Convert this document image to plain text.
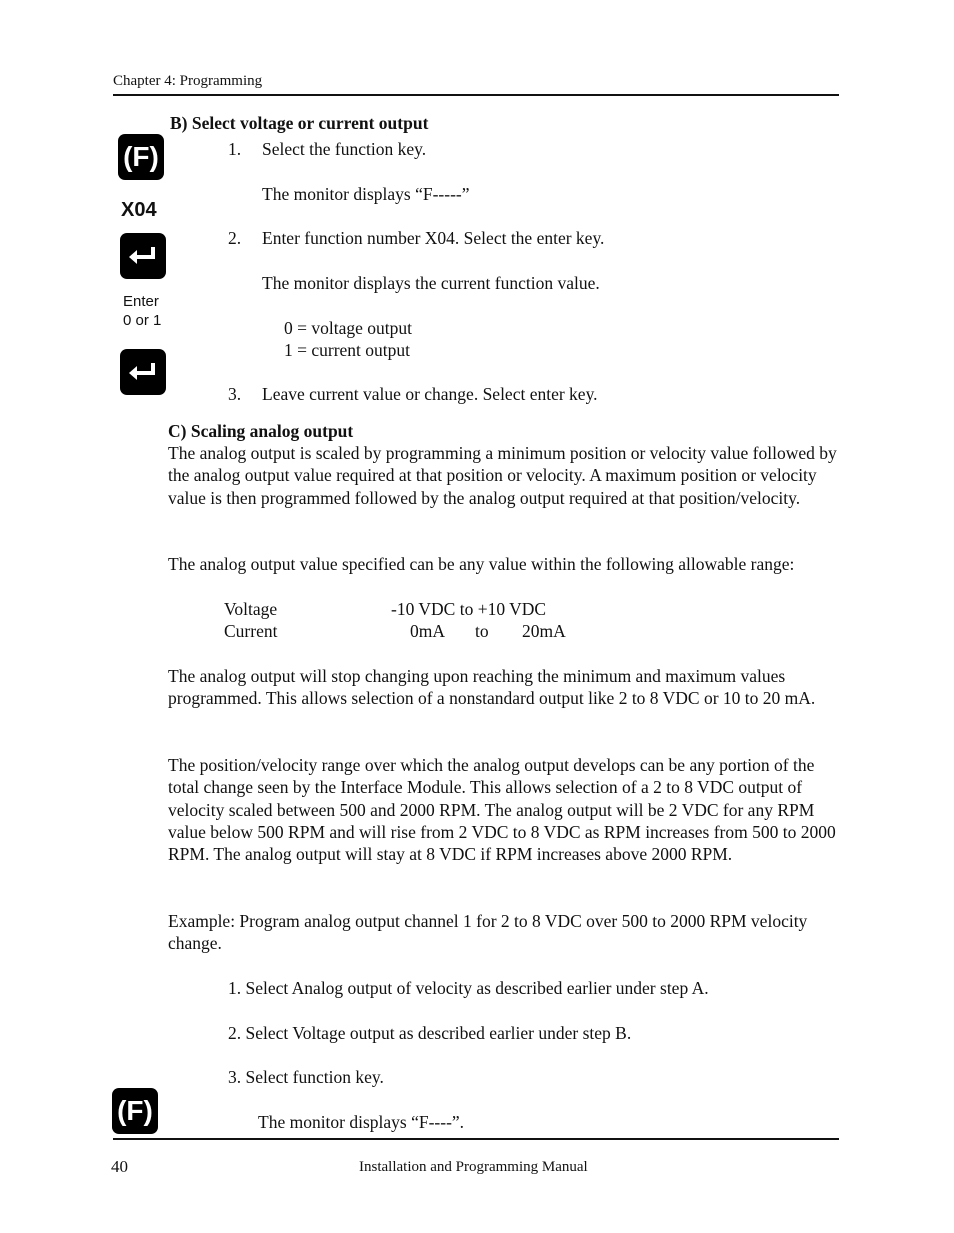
Chapter 4: Programming
(F)
X04
Enter
0 or 1
(F)
B) Select voltage or current output
1. Select the function key.
The monitor displays “F-----”
2. Enter function number X04. Select the enter key.
The monitor displays the current function value.
0 = voltage output
1 = current output
3. Leave current value or change. Select enter key.
C) Scaling analog output
The analog output is scaled by programming a minimum position or velocity value followed by the analog output value required at that position or velocity. A maximum position or velocity value is then programmed followed by the analog output required at that position/velocity.
The analog output value specified can be any value within the following allowable range:
Voltage	-10 VDC to +10 VDC
Current	0mA to 20mA
The analog output will stop changing upon reaching the minimum and maximum values programmed. This allows selection of a nonstandard output like 2 to 8 VDC or 10 to 20 mA.
The position/velocity range over which the analog output develops can be any portion of the total change seen by the Interface Module. This allows selection of a 2 to 8 VDC output of velocity scaled between 500 and 2000 RPM. The analog output will be 2 VDC for any RPM value below 500 RPM and will rise from 2 VDC to 8 VDC as RPM increases from 500 to 2000 RPM. The analog output will stay at 8 VDC if RPM increases above 2000 RPM.
Example: Program analog output channel 1 for 2 to 8 VDC over 500 to 2000 RPM velocity change.
1. Select Analog output of velocity as described earlier under step A.
2. Select Voltage output as described earlier under step B.
3. Select function key.
The monitor displays “F----”.
40	Installation and Programming Manual
